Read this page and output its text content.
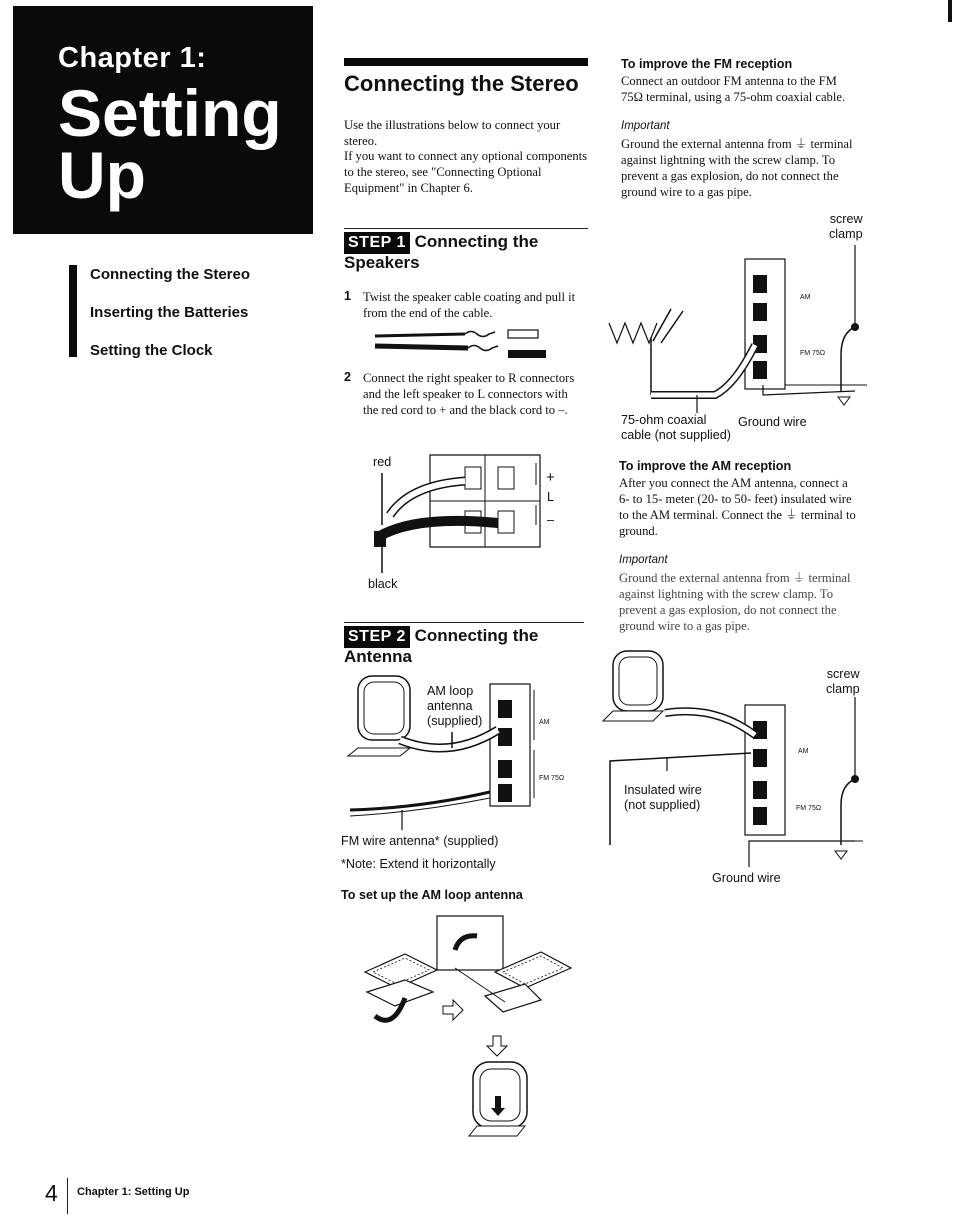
Chapter 1:
Setting Up
Connecting the Stereo
Inserting the Batteries
Setting the Clock
Connecting the Stereo
Use the illustrations below to connect your stereo.
If you want to connect any optional components to the stereo, see "Connecting Optional Equipment" in Chapter 6.
STEP 1 Connecting the
Speakers
1 Twist the speaker cable coating and pull it from the end of the cable.
2 Connect the right speaker to R connectors and the left speaker to L connectors with the red cord to + and the black cord to –.
red
black
+
L
–
STEP 2 Connecting the
Antenna
AM loop
antenna
(supplied)	AM
FM 75Ω
FM wire antenna* (supplied)
*Note: Extend it horizontally
To set up the AM loop antenna
To improve the FM reception
Connect an outdoor FM antenna to the FM 75Ω terminal, using a 75-ohm coaxial cable.
Important
Ground the external antenna from ⏚ terminal against lightning with the screw clamp. To prevent a gas explosion, do not connect the ground wire to a gas pipe.
screw
clamp
AM
FM 75Ω
75-ohm coaxial
cable (not supplied)
Ground wire
To improve the AM reception
After you connect the AM antenna, connect a 6- to 15- meter (20- to 50- feet) insulated wire to the AM terminal. Connect the ⏚ terminal to ground.
Important
Ground the external antenna from ⏚ terminal against lightning with the screw clamp. To prevent a gas explosion, do not connect the ground wire to a gas pipe.
screw
clamp
AM
FM 75Ω
Insulated wire
(not supplied)
Ground wire
4 Chapter 1: Setting Up
